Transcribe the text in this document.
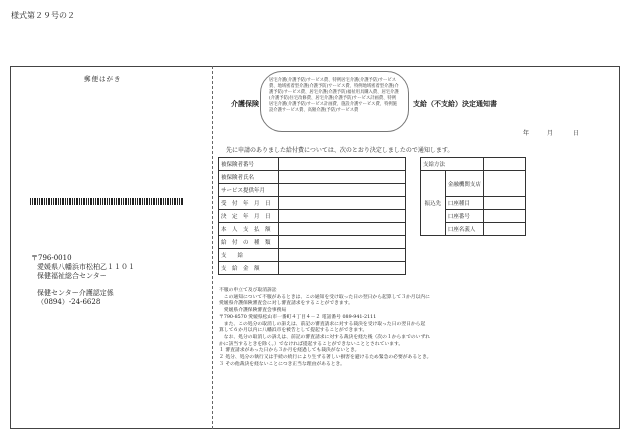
様式第２９号の２
郵便はがき
〒796-0010
愛媛県八幡浜市松柏乙１１０１
保健福祉総合センター
保健センター介護認定係
（0894）-24-6628
介護保険
居宅介護(介護予防)サービス費、特例居宅介護(介護予防)サービス費、地域密着型介護(介護予防)サービス費、特例地域密着型介護(介護予防)サービス費、居宅介護(介護予防)福祉用具購入費、居宅介護(介護予防)住宅改修費、居宅介護(介護予防)サービス計画費、特例居宅介護(介護予防)サービス計画費、施設介護サービス費、特例施設介護サービス費、高額介護(予防)サービス費
支給（不支給）決定通知書
年	月	日
先に申請のありました給付費については、次のとおり決定しましたので通知します。
被保険者番号	
被保険者氏名	
サービス提供年月	
受　付　年　月　日	
決　定　年　月　日	
本　人　支　払　額	
給　付　の　種　類	
支　　給	
支　給　金　額	
支給方法		
振込先	金融機関支店	
	口座種目	
	口座番号	
	口座名義人	
不服の申立て及び取消訴訟
　この通知について不服があるときは、この通知を受け取った日の翌日から起算して３か月以内に
愛媛県介護保険審査会に対し審査請求をすることができます。
　愛媛県介護保険審査会事務局
〒790-8570 愛媛県松山市一番町４丁目４－２ 電話番号 089-941-2111
　また、この処分の取消しの訴えは、前記の審査請求に対する裁決を受け取った日の翌日から起
算して６か月以内に八幡浜市を被告として提起することができます。
　なお、処分の取消しの訴えは、前記の審査請求に対する裁決を経た後（次の１からまでのいずれ
かに該当するときを除く。）でなければ提起することができないこととされています。
１ 審査請求があった日から３か月を経過しても裁決がないとき。
２ 処分、処分の執行又は手続の続行により生ずる著しい損害を避けるため緊急の必要があるとき。
３ その他裁決を経ないことにつき正当な理由があるとき。
